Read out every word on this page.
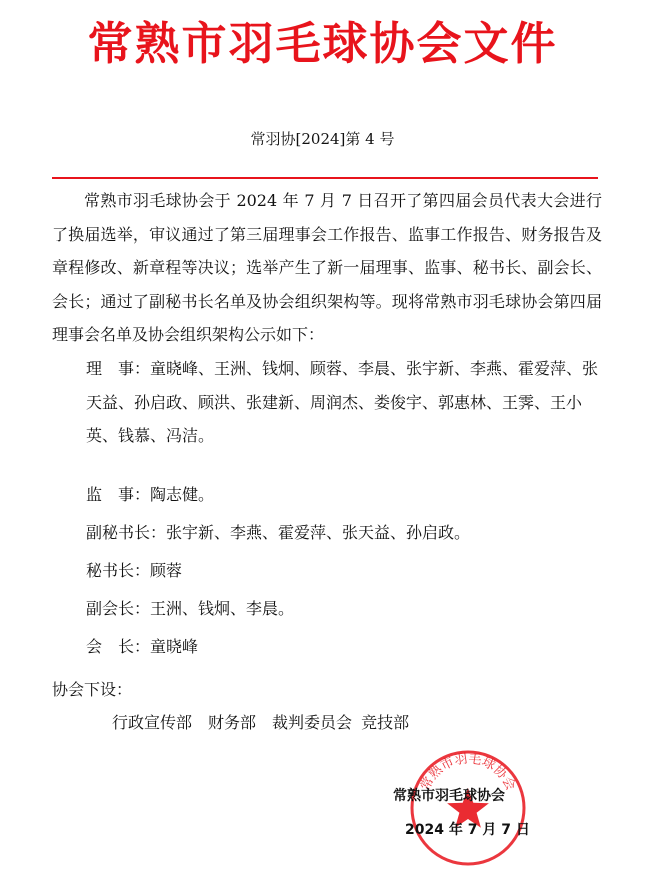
常熟市羽毛球协会文件
常羽协[2024]第 4 号

常熟市羽毛球协会于 2024 年 7 月 7 日召开了第四届会员代表大会进行了换届选举，审议通过了第三届理事会工作报告、监事工作报告、财务报告及章程修改、新章程等决议；选举产生了新一届理事、监事、秘书长、副会长、会长；通过了副秘书长名单及协会组织架构等。现将常熟市羽毛球协会第四届理事会名单及协会组织架构公示如下：

理　事：童晓峰、王洲、钱炯、顾蓉、李晨、张宇新、李燕、霍爱萍、张天益、孙启政、顾洪、张建新、周润杰、娄俊宇、郭惠林、王霁、王小英、钱慕、冯洁。

监　事：陶志健。

副秘书长：张宇新、李燕、霍爱萍、张天益、孙启政。

秘书长：顾蓉

副会长：王洲、钱炯、李晨。

会　长：童晓峰

协会下设：

行政宣传部　财务部　裁判委员会 竞技部
常熟市羽毛球协会
常熟市羽毛球协会
2024 年 7 月 7 日
